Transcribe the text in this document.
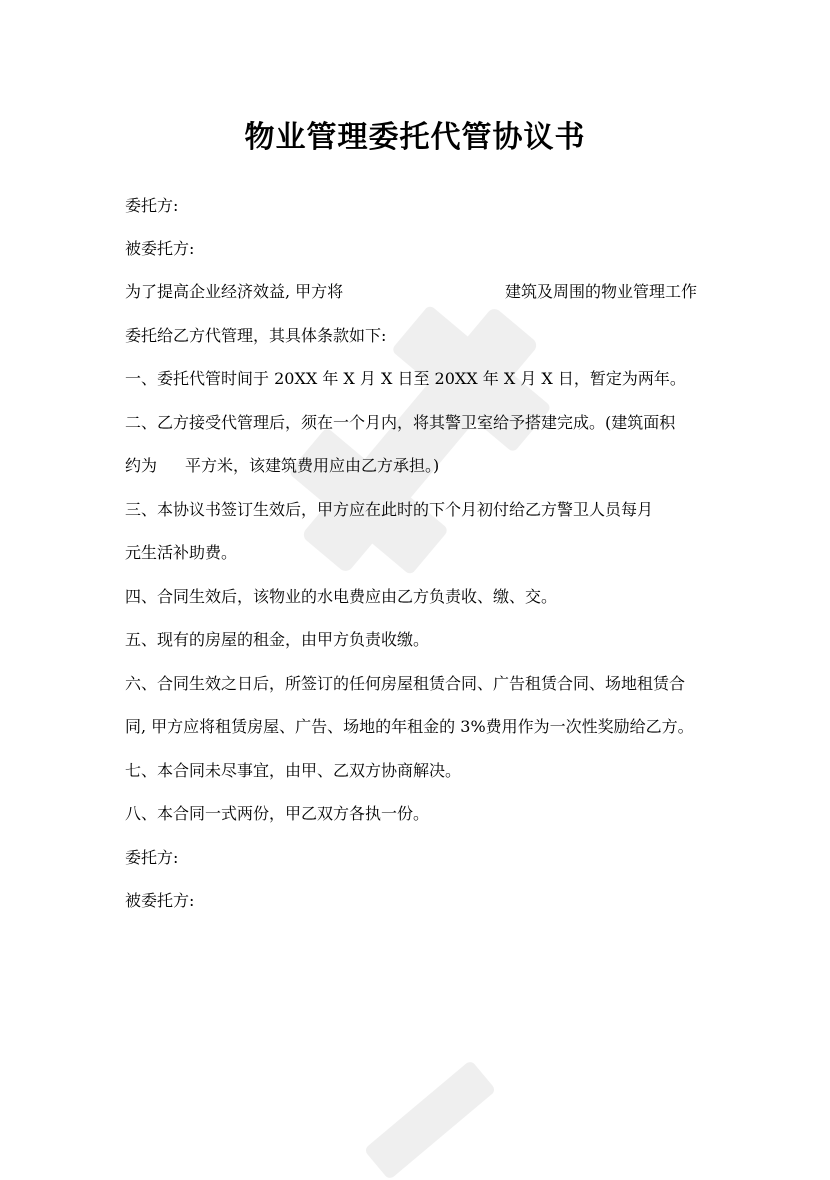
物业管理委托代管协议书
委托方:
被委托方:
为了提高企业经济效益, 甲方将	建筑及周围的物业管理工作
委托给乙方代管理，其具体条款如下:
一、委托代管时间于 20XX 年 X 月 X 日至 20XX 年 X 月 X 日，暂定为两年。
二、乙方接受代管理后，须在一个月内，将其警卫室给予搭建完成。(建筑面积
约为 平方米，该建筑费用应由乙方承担。)
三、本协议书签订生效后，甲方应在此时的下个月初付给乙方警卫人员每月
元生活补助费。
四、合同生效后，该物业的水电费应由乙方负责收、缴、交。
五、现有的房屋的租金，由甲方负责收缴。
六、合同生效之日后，所签订的任何房屋租赁合同、广告租赁合同、场地租赁合
同, 甲方应将租赁房屋、广告、场地的年租金的 3%费用作为一次性奖励给乙方。
七、本合同未尽事宜，由甲、乙双方协商解决。
八、本合同一式两份，甲乙双方各执一份。
委托方:
被委托方:
